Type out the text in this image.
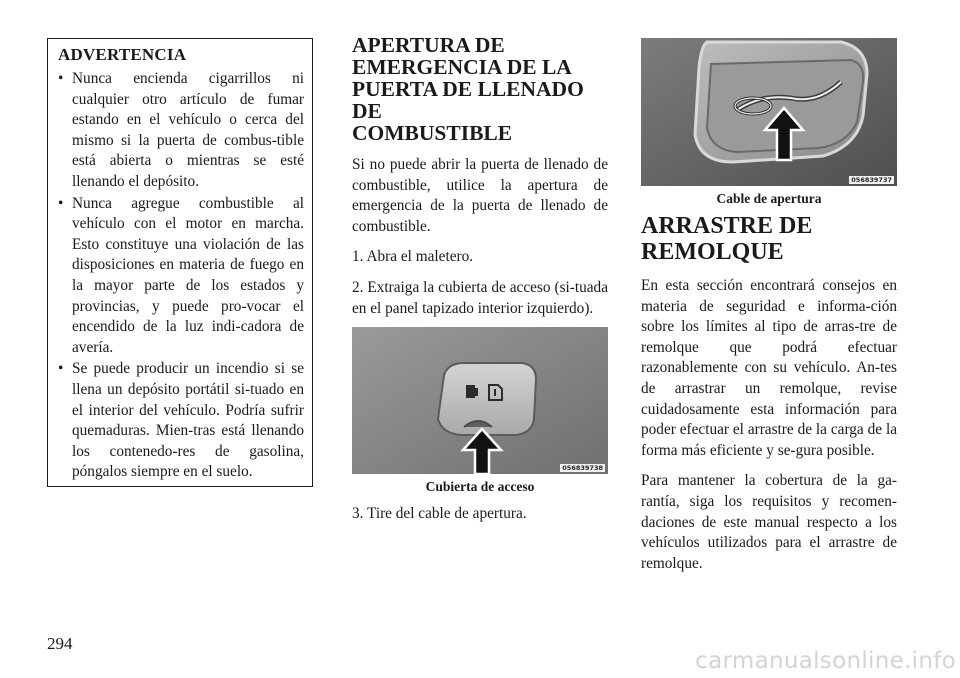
ADVERTENCIA
• Nunca encienda cigarrillos ni cualquier otro artículo de fumar estando en el vehículo o cerca del mismo si la puerta de combus-tible está abierta o mientras se esté llenando el depósito.
• Nunca agregue combustible al vehículo con el motor en marcha. Esto constituye una violación de las disposiciones en materia de fuego en la mayor parte de los estados y provincias, y puede pro-vocar el encendido de la luz indi-cadora de avería.
• Se puede producir un incendio si se llena un depósito portátil si-tuado en el interior del vehículo. Podría sufrir quemaduras. Mien-tras está llenando los contenedo-res de gasolina, póngalos siempre en el suelo.
APERTURA DE
EMERGENCIA DE LA
PUERTA DE LLENADO DE
COMBUSTIBLE

Si no puede abrir la puerta de llenado de combustible, utilice la apertura de emergencia de la puerta de llenado de combustible.

1. Abra el maletero.

2. Extraiga la cubierta de acceso (si-tuada en el panel tapizado interior izquierdo).

056839738
Cubierta de acceso

3. Tire del cable de apertura.

056839737
Cable de apertura
ARRASTRE DE
REMOLQUE

En esta sección encontrará consejos en materia de seguridad e informa-ción sobre los límites al tipo de arras-tre de remolque que podrá efectuar razonablemente con su vehículo. An-tes de arrastrar un remolque, revise cuidadosamente esta información para poder efectuar el arrastre de la carga de la forma más eficiente y se-gura posible.

Para mantener la cobertura de la ga-rantía, siga los requisitos y recomen-daciones de este manual respecto a los vehículos utilizados para el arrastre de remolque.

294
carmanualsonline.info
